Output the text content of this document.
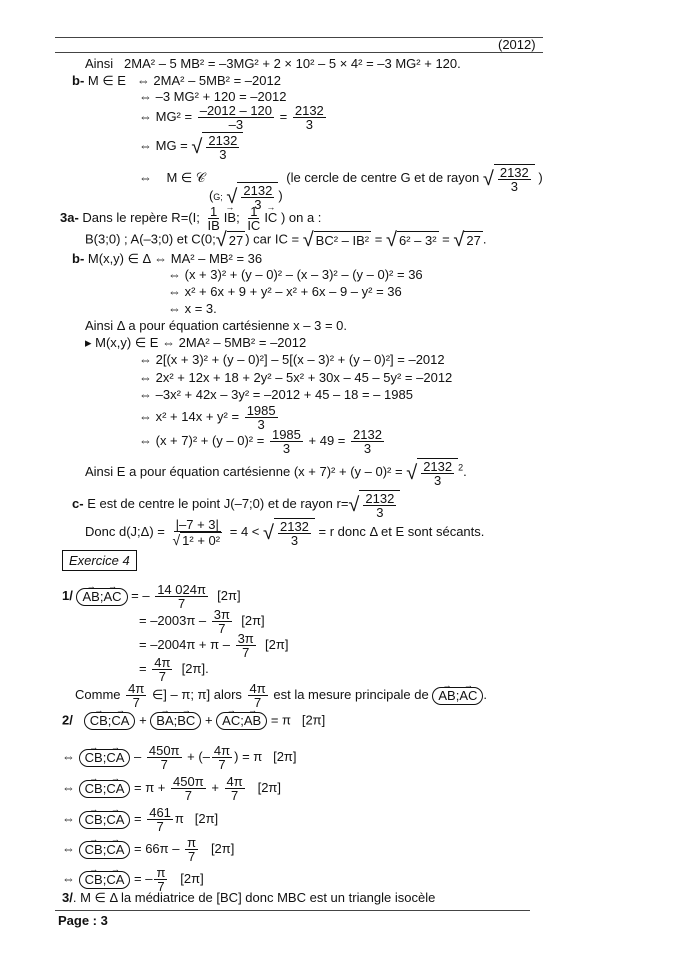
(2012)
Ainsi 2MA² – 5 MB² = –3MG² + 2 × 10² – 5 × 4² = –3 MG² + 120.
b- M ∈ E ⇔ 2MA² – 5MB² = –2012
⇔ –3 MG² + 120 = –2012
⇔ $MG^2 = \frac{-2012 - 120}{-3} = \frac{2132}{3}$
⇔ MG = √ $\frac{2132}{3}$
⇔ M ∈ 𝒞 (G; √ $\frac{2132}{3}$ ) (le cercle de centre G et de rayon √ $\frac{2132}{3}$ )
3a- Dans le repère R=(I; $\frac{1}{IB}$ → IB; $\frac{1}{IC}$ → IC ) on a :
B(3;0) ; A(–3;0) et C(0; √ 27 ) car IC = √ BC² – IB² = √ 6² – 3² = √ 27 .
b- M(x,y) ∈ Δ ⇔ MA² – MB² = 36
⇔ (x + 3)² + (y – 0)² – (x – 3)² – (y – 0)² = 36
⇔ x² + 6x + 9 + y² – x² + 6x – 9 – y² = 36
⇔ x = 3.
Ainsi Δ a pour équation cartésienne x – 3 = 0.
▸ M(x,y) ∈ E ⇔ 2MA² – 5MB² = –2012
⇔ 2[(x + 3)² + (y – 0)²] – 5[(x – 3)² + (y – 0)²] = –2012
⇔ 2x² + 12x + 18 + 2y² – 5x² + 30x – 45 – 5y² = –2012
⇔ –3x² + 42x – 3y² = –2012 + 45 – 18 = – 1985
⇔ $x^2 + 14x + y^2 = \frac{1985}{3}$
⇔ $(x + 7)^2 + (y - 0)^2 = \frac{1985}{3} + 49 = \frac{2132}{3}$
Ainsi E a pour équation cartésienne (x + 7)² + (y – 0)² = √ $\frac{2132}{3} ^2$.
c- E est de centre le point J(–7;0) et de rayon r= √ $\frac{2132}{3}$
Donc d(J;Δ) = $\frac{|-7 + 3|}{\text{√ 1² + 0²}} = 4$ < √ $\frac{2132}{3} = r$ donc Δ et E sont sécants.
Exercice 4
1/ → AB;→ AC = – $\frac{14 024\pi}{7} [2\pi]$
= $-2003\pi - \frac{3\pi}{7} [2\pi]$
= $-2004\pi + \pi - \frac{3\pi}{7} [2\pi]$
= $\frac{4\pi}{7} [2\pi]$.
Comme $\frac{4\pi}{7}$ ∈] – π; π] alors $\frac{4\pi}{7}$ est la mesure principale de → AB;→ AC .
2/ → CB;→ CA + → BA;→ BC + → AC;→ AB = π [2π]
⇔ → CB;→ CA – $\frac{450\pi}{7}$ + (– $\frac{4\pi}{7}$ ) = π [2π]
⇔ → CB;→ CA = $\pi + \frac{450\pi}{7} + \frac{4\pi}{7} [2\pi]$
⇔ → CB;→ CA = $\frac{461}{7}$ π [2π]
⇔ → CB;→ CA = $66\pi - \frac{\pi}{7} [2\pi]$
⇔ → CB;→ CA = – $\frac{\pi}{7} [2\pi]$
3/. M ∈ Δ la médiatrice de [BC] donc MBC est un triangle isocèle
Page : 3
